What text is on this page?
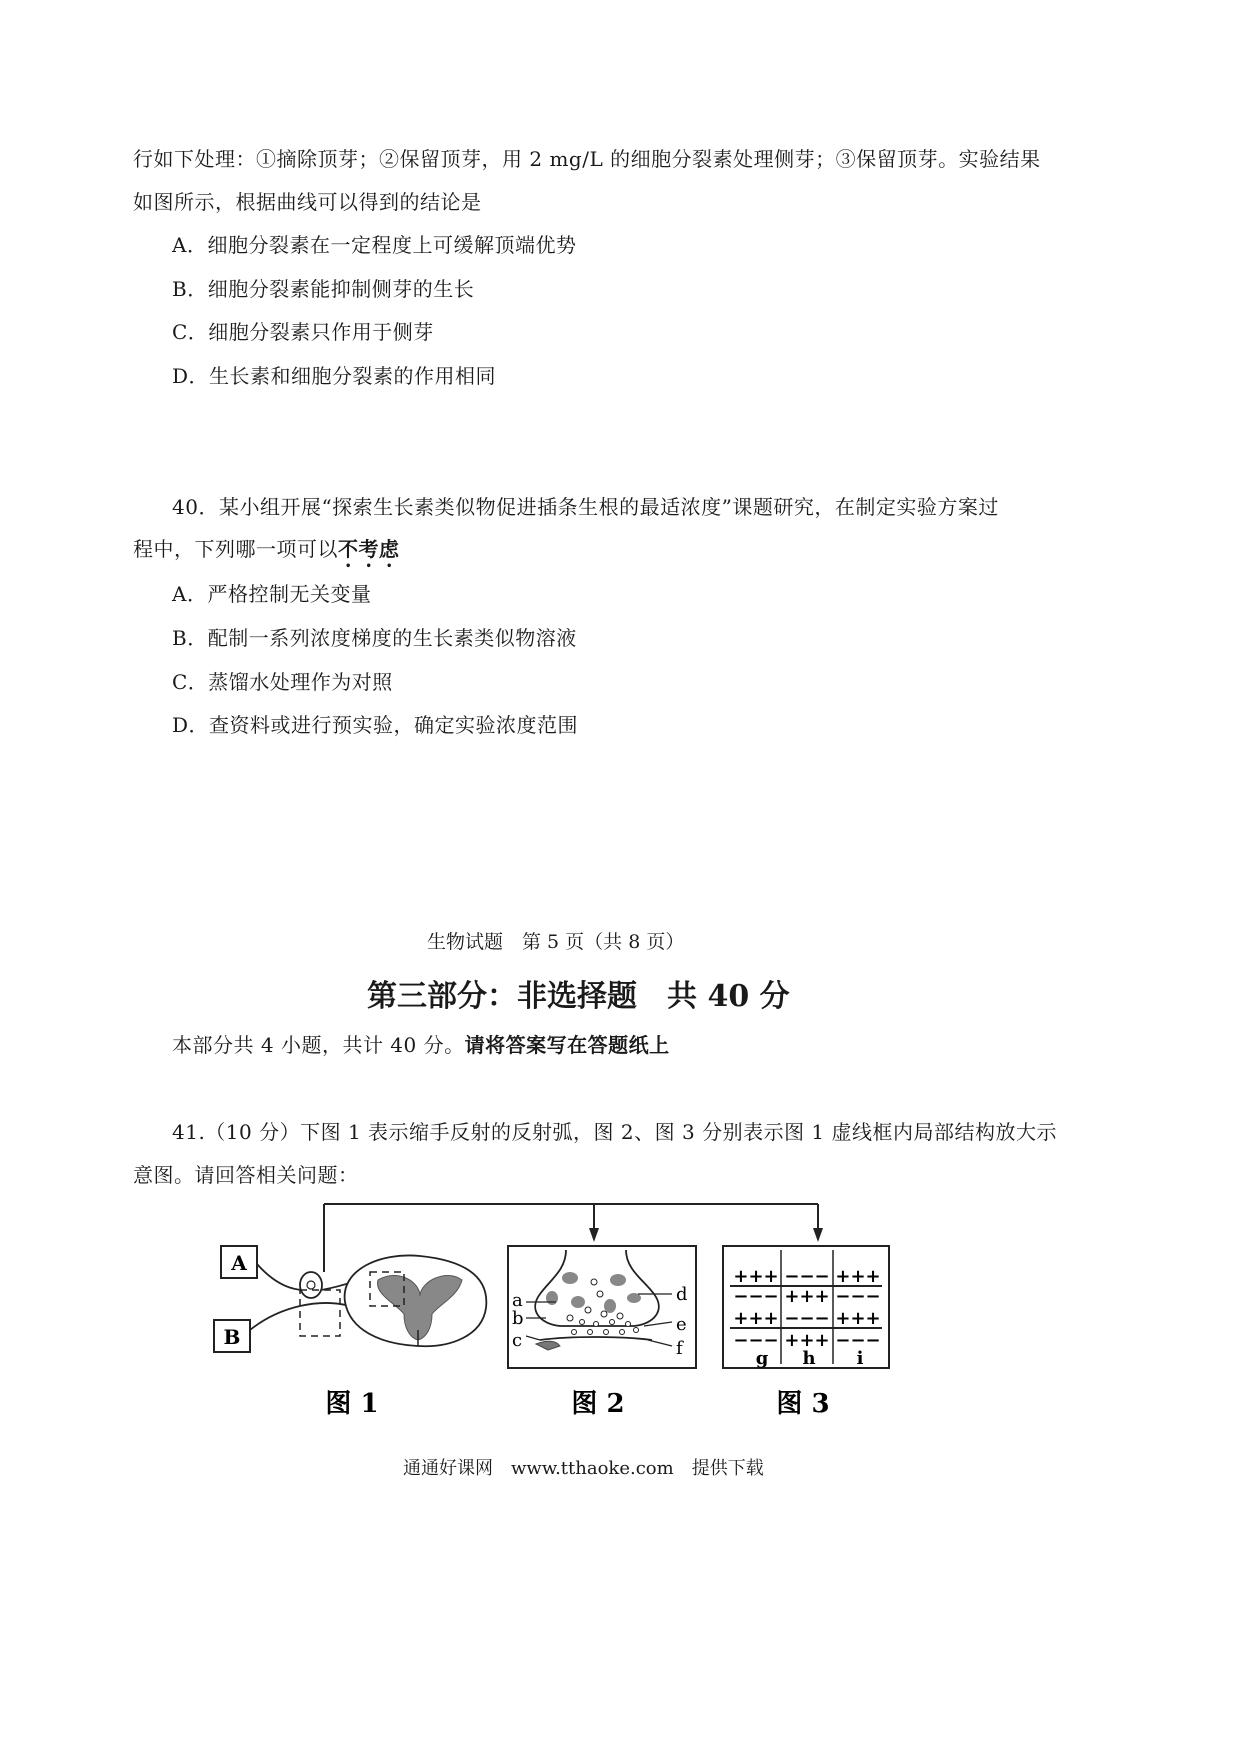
行如下处理：①摘除顶芽；②保留顶芽，用 2 mg/L 的细胞分裂素处理侧芽；③保留顶芽。实验结果
如图所示，根据曲线可以得到的结论是
A．细胞分裂素在一定程度上可缓解顶端优势
B．细胞分裂素能抑制侧芽的生长
C．细胞分裂素只作用于侧芽
D．生长素和细胞分裂素的作用相同
40．某小组开展“探索生长素类似物促进插条生根的最适浓度”课题研究，在制定实验方案过
程中，下列哪一项可以不考虑
A．严格控制无关变量
B．配制一系列浓度梯度的生长素类似物溶液
C．蒸馏水处理作为对照
D．查资料或进行预实验，确定实验浓度范围
生物试题　第 5 页（共 8 页）
第三部分：非选择题　共 40 分
本部分共 4 小题，共计 40 分。请将答案写在答题纸上
41.（10 分）下图 1 表示缩手反射的反射弧，图 2、图 3 分别表示图 1 虚线框内局部结构放大示
意图。请回答相关问题：
A
B
a
b
c
d
e
f
+++ −−− +++
−−− +++ −−−
+++ −−− +++
−−− +++ −−−
g h i
图 1	图 2	图 3
通通好课网　www.tthaoke.com　提供下载
